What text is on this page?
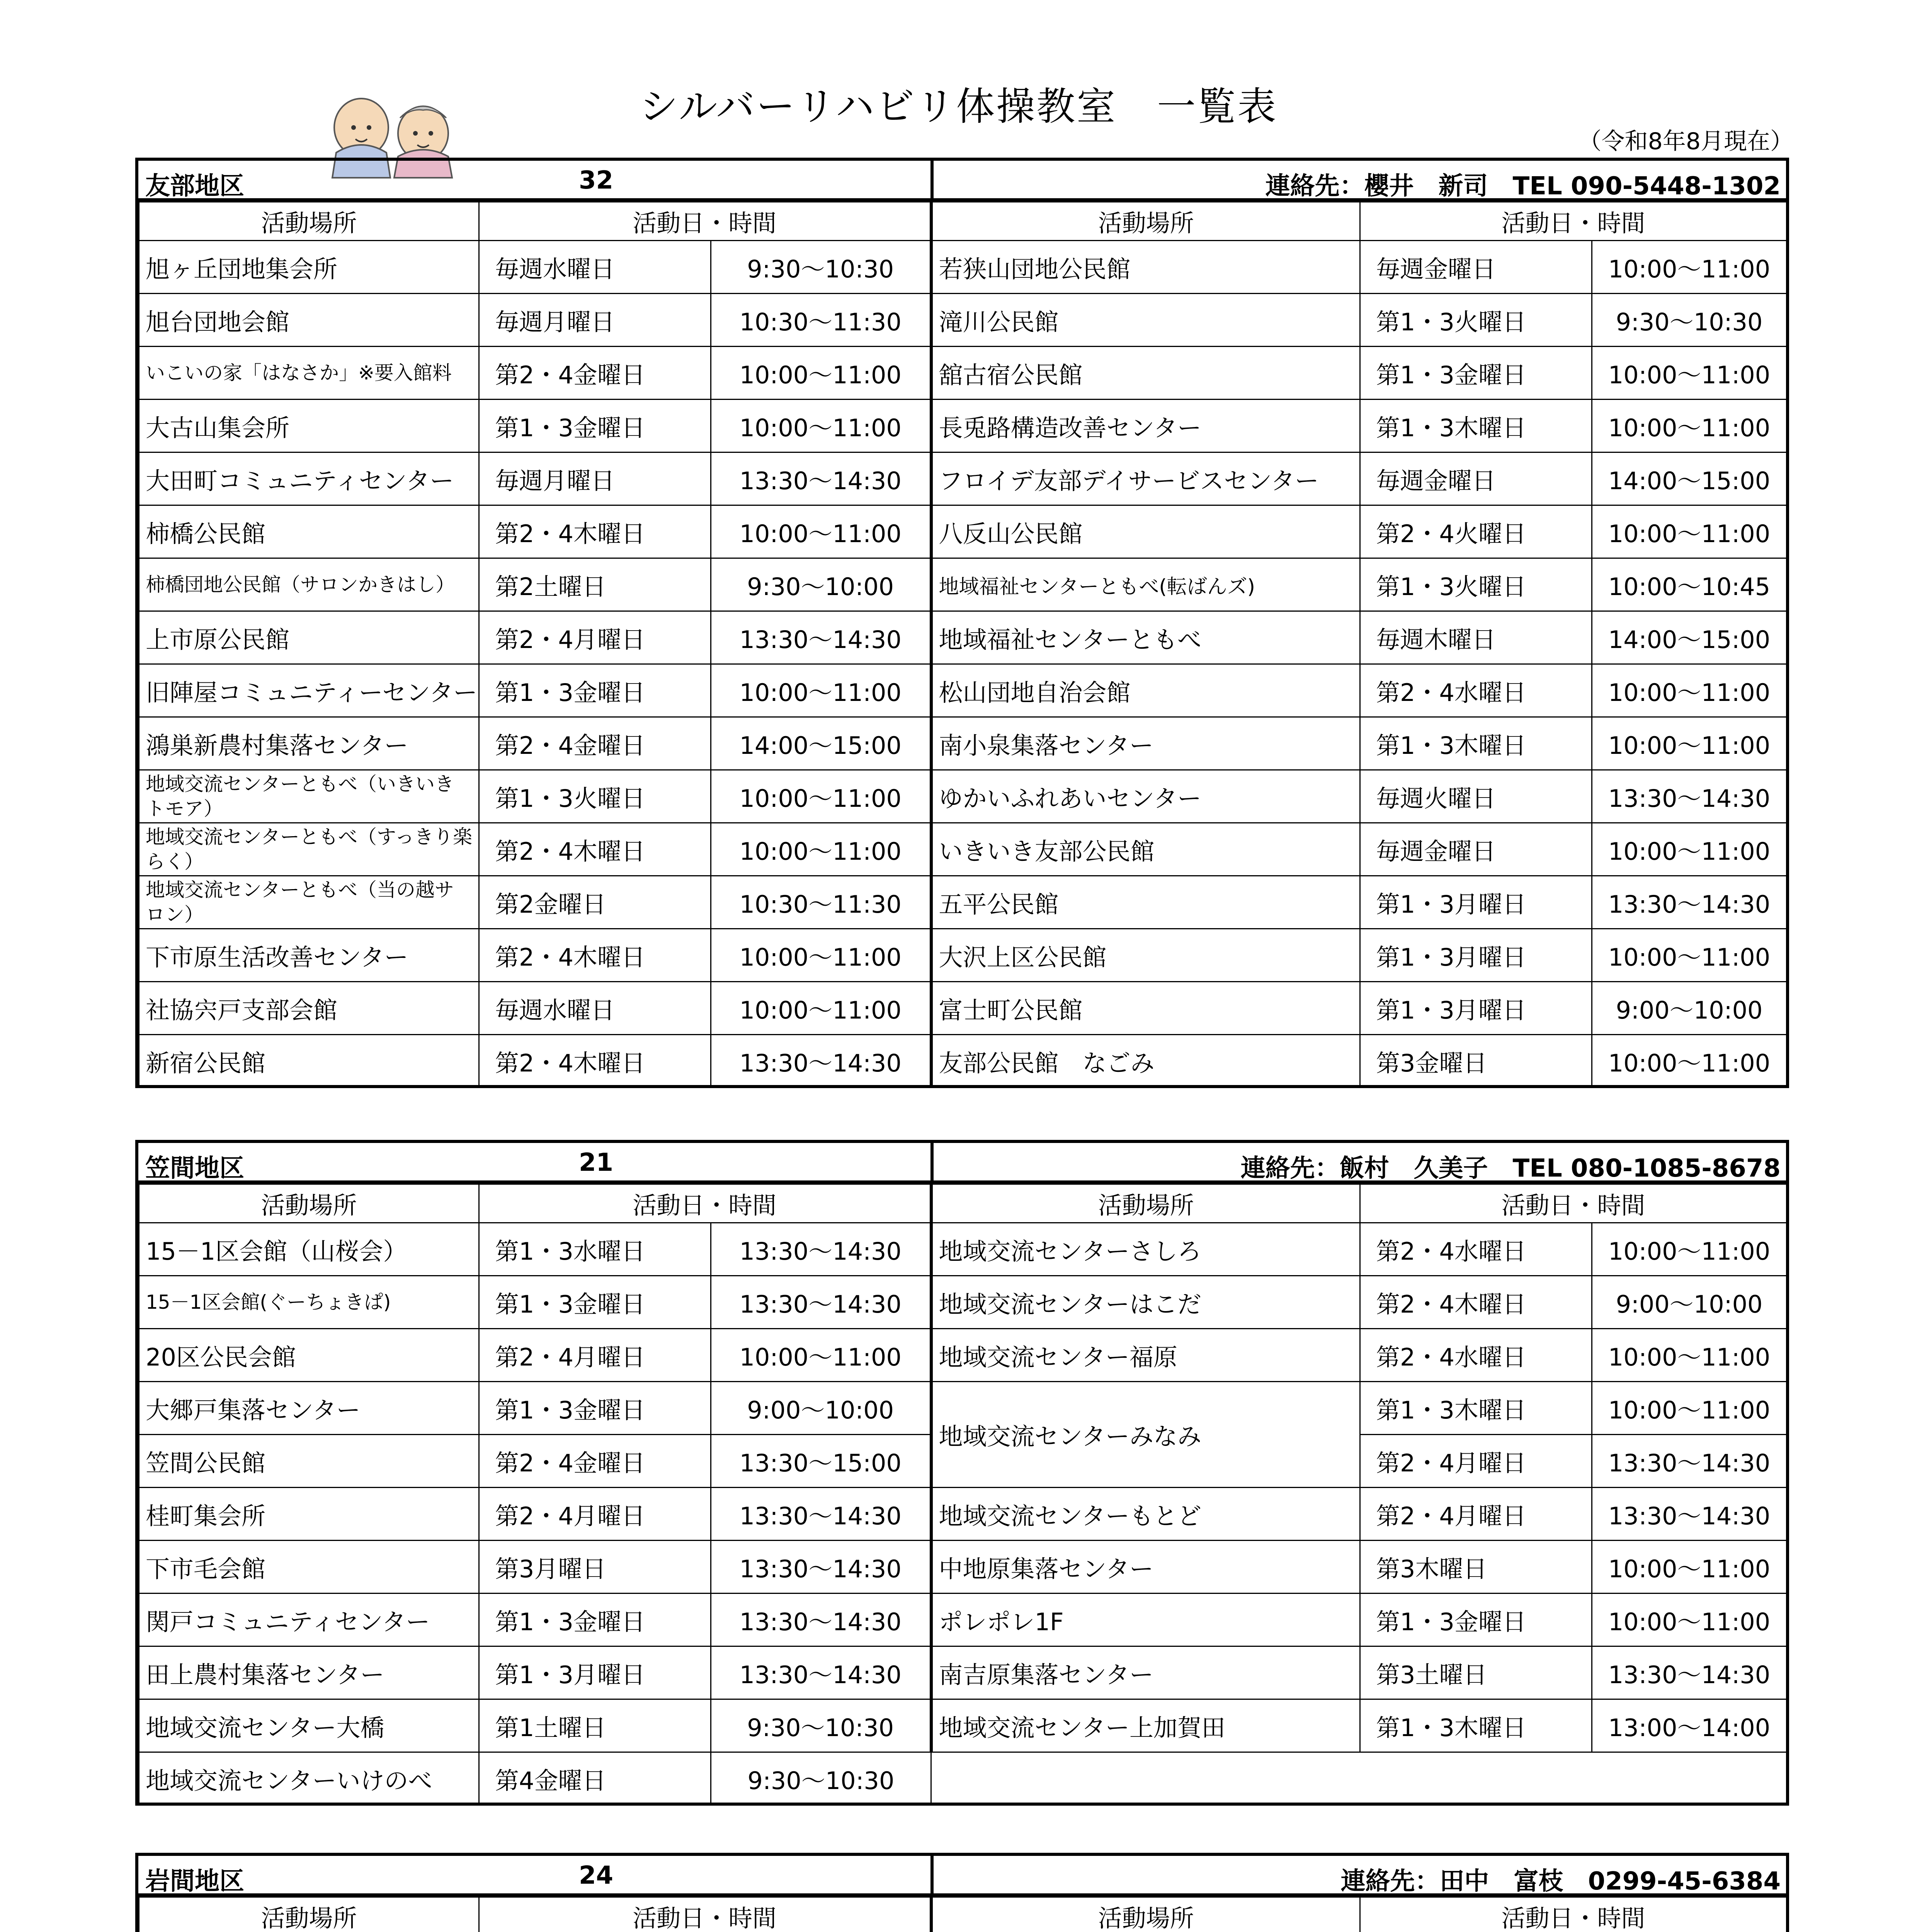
シルバーリハビリ体操教室　一覧表
（令和8年8月現在）
友部地区	32	連絡先：櫻井　新司　TEL 090-5448-1302
活動場所	活動日・時間		活動場所	活動日・時間	
旭ヶ丘団地集会所	毎週水曜日	9:30～10:30	若狭山団地公民館	毎週金曜日	10:00～11:00
旭台団地会館	毎週月曜日	10:30～11:30	滝川公民館	第1・3火曜日	9:30～10:30
いこいの家「はなさか」※要入館料	第2・4金曜日	10:00～11:00	舘古宿公民館	第1・3金曜日	10:00～11:00
大古山集会所	第1・3金曜日	10:00～11:00	長兎路構造改善センター	第1・3木曜日	10:00～11:00
大田町コミュニティセンター	毎週月曜日	13:30～14:30	フロイデ友部デイサービスセンター	毎週金曜日	14:00～15:00
柿橋公民館	第2・4木曜日	10:00～11:00	八反山公民館	第2・4火曜日	10:00～11:00
柿橋団地公民館（サロンかきはし）	第2土曜日	9:30～10:00	地域福祉センターともべ(転ばんズ)	第1・3火曜日	10:00～10:45
上市原公民館	第2・4月曜日	13:30～14:30	地域福祉センターともべ	毎週木曜日	14:00～15:00
旧陣屋コミュニティーセンター	第1・3金曜日	10:00～11:00	松山団地自治会館	第2・4水曜日	10:00～11:00
鴻巣新農村集落センター	第2・4金曜日	14:00～15:00	南小泉集落センター	第1・3木曜日	10:00～11:00
地域交流センターともべ（いきいきトモア）	第1・3火曜日	10:00～11:00	ゆかいふれあいセンター	毎週火曜日	13:30～14:30
地域交流センターともべ（すっきり楽らく）	第2・4木曜日	10:00～11:00	いきいき友部公民館	毎週金曜日	10:00～11:00
地域交流センターともべ（当の越サロン）	第2金曜日	10:30～11:30	五平公民館	第1・3月曜日	13:30～14:30
下市原生活改善センター	第2・4木曜日	10:00～11:00	大沢上区公民館	第1・3月曜日	10:00～11:00
社協宍戸支部会館	毎週水曜日	10:00～11:00	富士町公民館	第1・3月曜日	9:00～10:00
新宿公民館	第2・4木曜日	13:30～14:30	友部公民館　なごみ	第3金曜日	10:00～11:00
笠間地区	21	連絡先：飯村　久美子　TEL 080-1085-8678
活動場所	活動日・時間		活動場所	活動日・時間	
15－1区会館（山桜会）	第1・3水曜日	13:30～14:30	地域交流センターさしろ	第2・4水曜日	10:00～11:00
15－1区会館(ぐーちょきぱ)	第1・3金曜日	13:30～14:30	地域交流センターはこだ	第2・4木曜日	9:00～10:00
20区公民会館	第2・4月曜日	10:00～11:00	地域交流センター福原	第2・4水曜日	10:00～11:00
大郷戸集落センター	第1・3金曜日	9:00～10:00	地域交流センターみなみ	第1・3木曜日	10:00～11:00
笠間公民館	第2・4金曜日	13:30～15:00		第2・4月曜日	13:30～14:30
桂町集会所	第2・4月曜日	13:30～14:30	地域交流センターもとど	第2・4月曜日	13:30～14:30
下市毛会館	第3月曜日	13:30～14:30	中地原集落センター	第3木曜日	10:00～11:00
関戸コミュニティセンター	第1・3金曜日	13:30～14:30	ポレポレ1F	第1・3金曜日	10:00～11:00
田上農村集落センター	第1・3月曜日	13:30～14:30	南吉原集落センター	第3土曜日	13:30～14:30
地域交流センター大橋	第1土曜日	9:30～10:30	地域交流センター上加賀田	第1・3木曜日	13:00～14:00
地域交流センターいけのべ	第4金曜日	9:30～10:30			
岩間地区	24	連絡先：田中　富枝　0299-45-6384
活動場所	活動日・時間		活動場所	活動日・時間	
